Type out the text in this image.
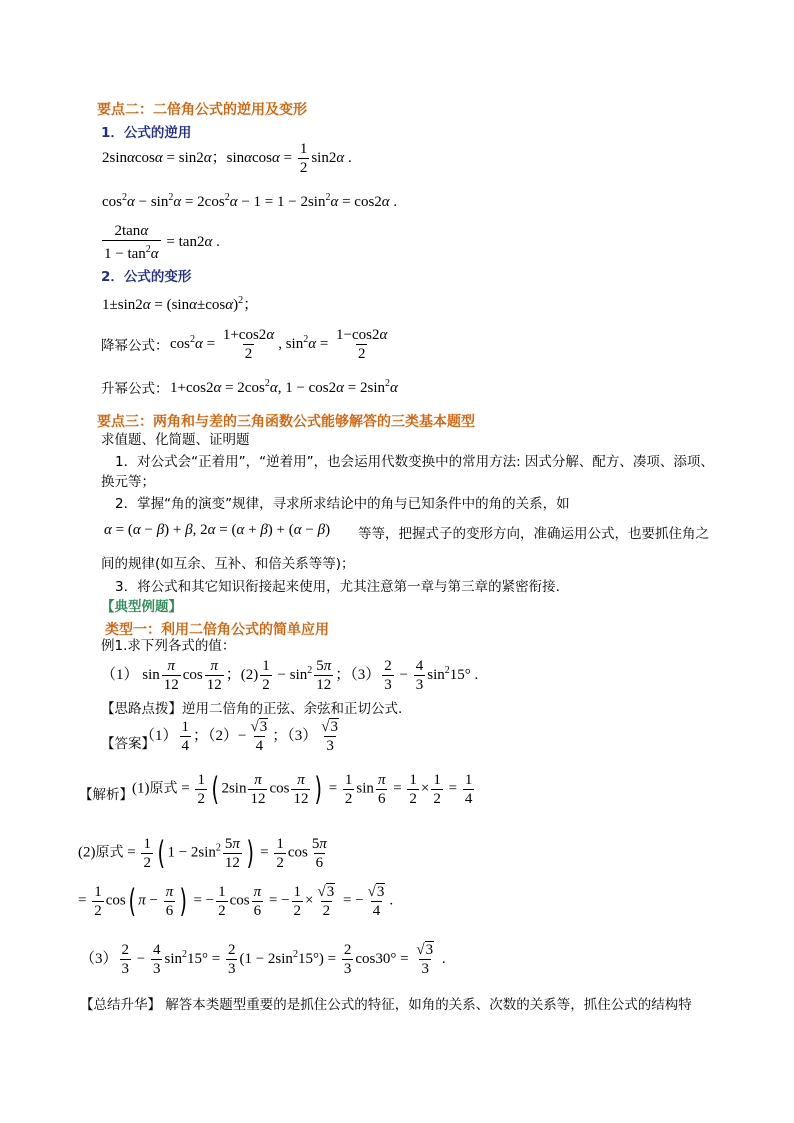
要点二：二倍角公式的逆用及变形
1．公式的逆用
2sinαcosα = sin2α；$\sin\alpha\cos\alpha = \frac{1}{2} \sin 2\alpha$ .
$\cos^2\alpha - \sin^2\alpha = 2\cos^2\alpha - 1 = 1 - 2\sin^2\alpha = \cos 2\alpha$ .
$\frac{2\tan\alpha}{1 - \tan^2\alpha} = \tan 2\alpha$ .
2．公式的变形
$1\pm\sin 2\alpha = (\sin\alpha\pm\cos\alpha)^2$；
降幂公式： $\cos^2\alpha = \frac{1+\cos 2\alpha}{2}$ , $\sin^2\alpha = \frac{1-\cos 2\alpha}{2}$
升幂公式： $1+\cos 2\alpha = 2\cos^2\alpha$, $1 - \cos 2\alpha = 2\sin^2\alpha$
要点三：两角和与差的三角函数公式能够解答的三类基本题型
求值题、化简题、证明题
1．对公式会“正着用”，“逆着用”，也会运用代数变换中的常用方法: 因式分解、配方、凑项、添项、
换元等；
2．掌握“角的演变”规律，寻求所求结论中的角与已知条件中的角的关系，如
α = (α − β) + β, 2α = (α + β) + (α − β) 等等，把握式子的变形方向，准确运用公式，也要抓住角之
间的规律(如互余、互补、和倍关系等等)；
3．将公式和其它知识衔接起来使用，尤其注意第一章与第三章的紧密衔接.
【典型例题】
类型一：利用二倍角公式的简单应用
例1.求下列各式的值：
（1） $\sin \frac{\pi}{12}$ $\cos \frac{\pi}{12}$ ；$(2) \frac{1}{2} - \sin^2 \frac{5\pi}{12}$ ；$(3) \frac{2}{3} - \frac{4}{3} \sin^215^\circ$ .
【思路点拨】逆用二倍角的正弦、余弦和正切公式.
【答案】
$(1) \frac{1}{4}$ ；$(2)- \frac{√3}{4}$ ；$(3) \frac{√3}{3}$
【解析】 (1)原式 = $\frac{1}{2}$ ( $2\sin \frac{\pi}{12}$ $\cos \frac{\pi}{12}$ ) = $\frac{1}{2}$ $\sin \frac{\pi}{6} = \frac{1}{2} \times \frac{1}{2} = \frac{1}{4}$
(2)原式 = $\frac{1}{2}$ ( $1 - 2\sin^2 \frac{5\pi}{12}$ ) = $\frac{1}{2}$ $\cos \frac{5\pi}{6}$
= $\frac{1}{2} \cos$( $\pi - \frac{\pi}{6}$ ) = − $\frac{1}{2}$ $\cos \frac{\pi}{6}$ = − $\frac{1}{2} \times \frac{√3}{2}$ = − $\frac{√3}{4}$ .
$(3) \frac{2}{3} - \frac{4}{3} \sin^215^\circ = \frac{2}{3} (1 - 2\sin^215^\circ) = \frac{2}{3} \cos 30^\circ = \frac{√3}{3}$ .
【总结升华】 解答本类题型重要的是抓住公式的特征，如角的关系、次数的关系等，抓住公式的结构特
